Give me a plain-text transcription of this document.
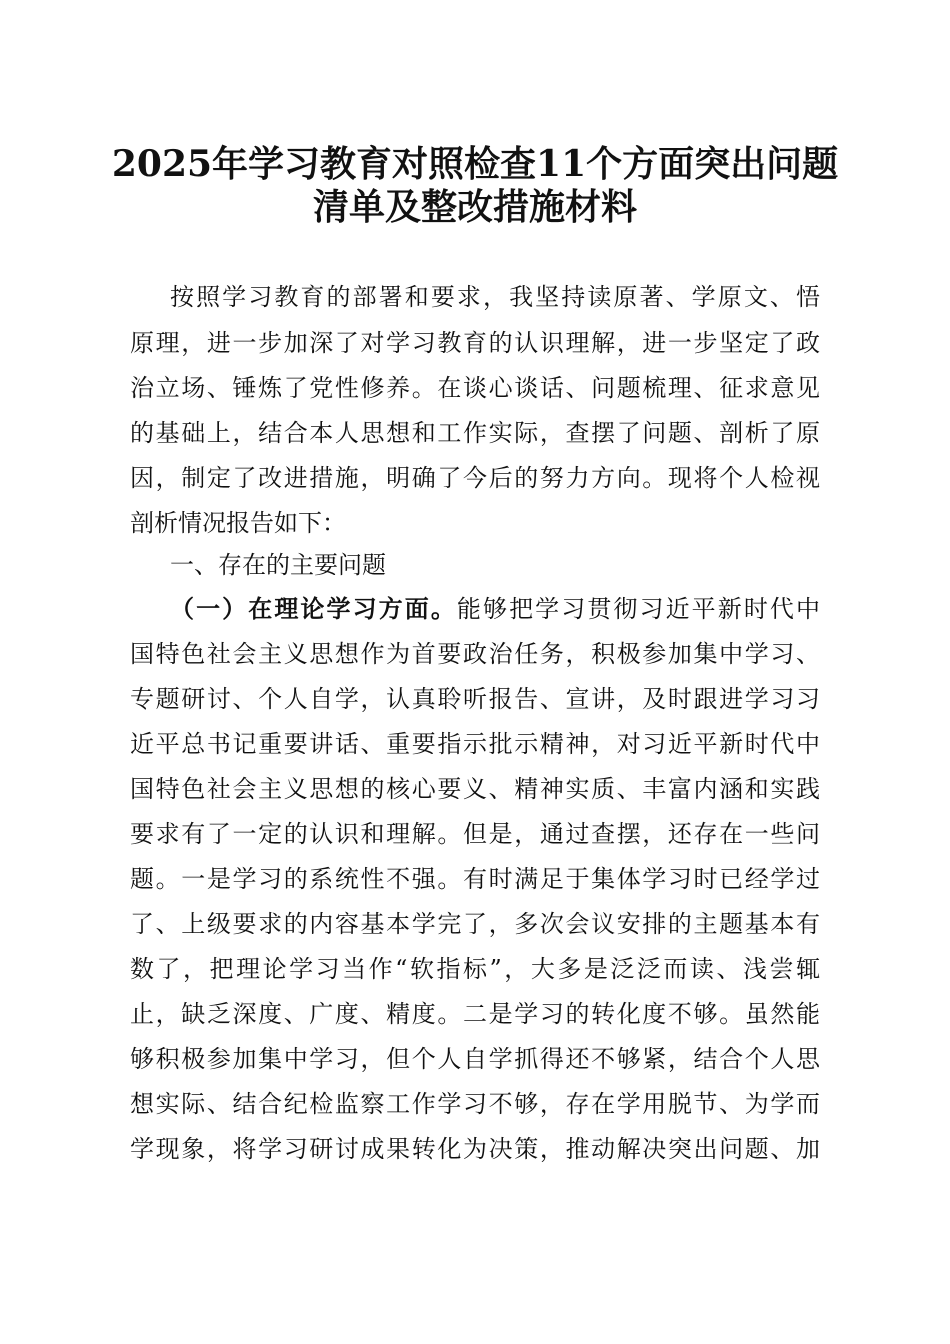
2025年学习教育对照检查11个方面突出问题
清单及整改措施材料
按照学习教育的部署和要求，我坚持读原著、学原文、悟
原理，进一步加深了对学习教育的认识理解，进一步坚定了政
治立场、锤炼了党性修养。在谈心谈话、问题梳理、征求意见
的基础上，结合本人思想和工作实际，查摆了问题、剖析了原
因，制定了改进措施，明确了今后的努力方向。现将个人检视
剖析情况报告如下：
一、存在的主要问题
（一）在理论学习方面。能够把学习贯彻习近平新时代中
国特色社会主义思想作为首要政治任务，积极参加集中学习、
专题研讨、个人自学，认真聆听报告、宣讲，及时跟进学习习
近平总书记重要讲话、重要指示批示精神，对习近平新时代中
国特色社会主义思想的核心要义、精神实质、丰富内涵和实践
要求有了一定的认识和理解。但是，通过查摆，还存在一些问
题。一是学习的系统性不强。有时满足于集体学习时已经学过
了、上级要求的内容基本学完了，多次会议安排的主题基本有
数了，把理论学习当作“软指标”，大多是泛泛而读、浅尝辄
止，缺乏深度、广度、精度。二是学习的转化度不够。虽然能
够积极参加集中学习，但个人自学抓得还不够紧，结合个人思
想实际、结合纪检监察工作学习不够，存在学用脱节、为学而
学现象，将学习研讨成果转化为决策，推动解决突出问题、加
